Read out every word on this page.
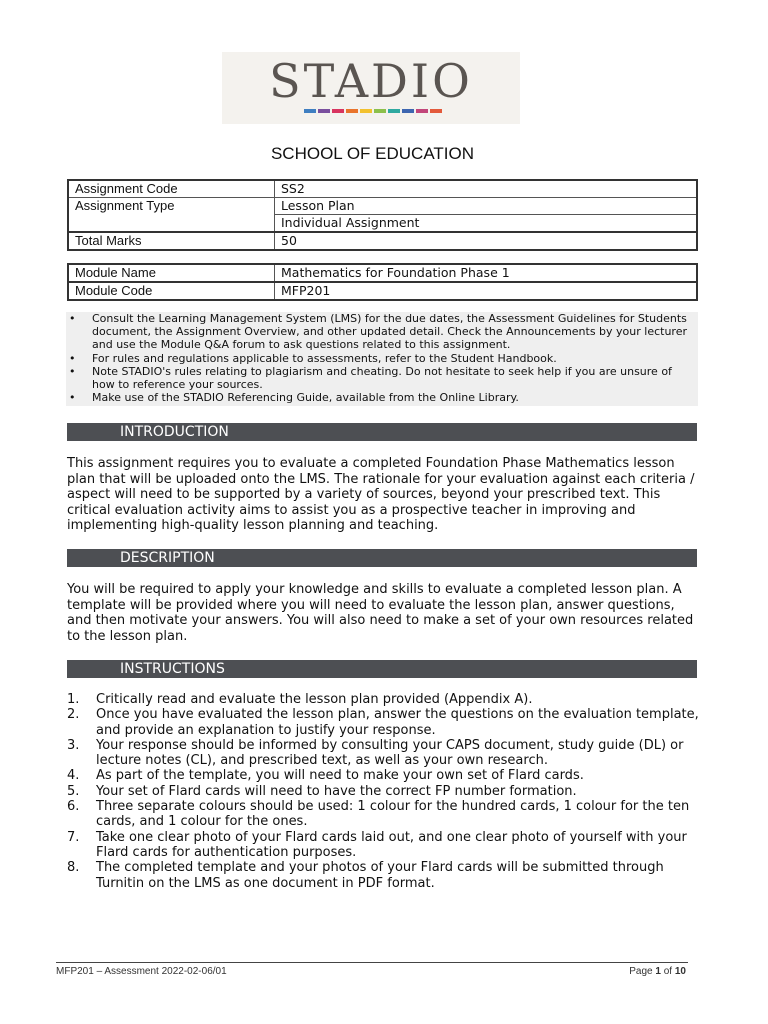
STADIO
SCHOOL OF EDUCATION
Assignment Code	SS2
Assignment Type	Lesson Plan
	Individual Assignment
Total Marks	50
Module Name	Mathematics for Foundation Phase 1
Module Code	MFP201
• Consult the Learning Management System (LMS) for the due dates, the Assessment Guidelines for Students document, the Assignment Overview, and other updated detail. Check the Announcements by your lecturer and use the Module Q&A forum to ask questions related to this assignment.
• For rules and regulations applicable to assessments, refer to the Student Handbook.
• Note STADIO's rules relating to plagiarism and cheating. Do not hesitate to seek help if you are unsure of how to reference your sources.
• Make use of the STADIO Referencing Guide, available from the Online Library.
INTRODUCTION
This assignment requires you to evaluate a completed Foundation Phase Mathematics lesson plan that will be uploaded onto the LMS. The rationale for your evaluation against each criteria / aspect will need to be supported by a variety of sources, beyond your prescribed text. This critical evaluation activity aims to assist you as a prospective teacher in improving and implementing high-quality lesson planning and teaching.
DESCRIPTION
You will be required to apply your knowledge and skills to evaluate a completed lesson plan. A template will be provided where you will need to evaluate the lesson plan, answer questions, and then motivate your answers. You will also need to make a set of your own resources related to the lesson plan.
INSTRUCTIONS
1. Critically read and evaluate the lesson plan provided (Appendix A).
2. Once you have evaluated the lesson plan, answer the questions on the evaluation template, and provide an explanation to justify your response.
3. Your response should be informed by consulting your CAPS document, study guide (DL) or lecture notes (CL), and prescribed text, as well as your own research.
4. As part of the template, you will need to make your own set of Flard cards.
5. Your set of Flard cards will need to have the correct FP number formation.
6. Three separate colours should be used: 1 colour for the hundred cards, 1 colour for the ten cards, and 1 colour for the ones.
7. Take one clear photo of your Flard cards laid out, and one clear photo of yourself with your Flard cards for authentication purposes.
8. The completed template and your photos of your Flard cards will be submitted through Turnitin on the LMS as one document in PDF format.
MFP201 – Assessment 2022-02-06/01	Page 1 of 10
